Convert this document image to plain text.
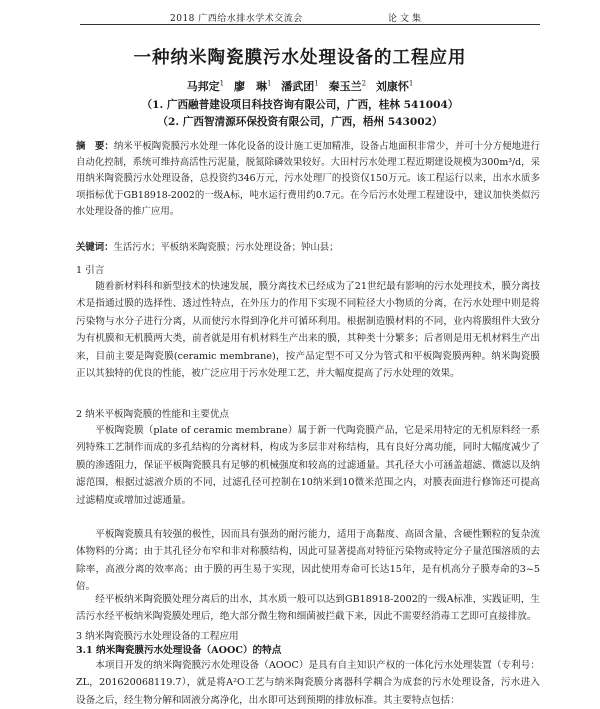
2018 广西给水排水学术交流会	论文集
一种纳米陶瓷膜污水处理设备的工程应用
马邦定$^1$ 廖　琳$^1$ 潘武团$^1$ 秦玉兰$^2$ 刘康怀$^1$
（1. 广西融普建设项目科技咨询有限公司，广西，桂林 541004）
（2. 广西智清源环保投资有限公司，广西，梧州 543002）

摘　要：纳米平板陶瓷膜污水处理一体化设备的设计施工更加精准，设备占地面积非常少，并可十分方便地进行自动化控制，系统可维持高活性污泥量，脱氮除磷效果较好。大田村污水处理工程近期建设规模为300m³/d，采用纳米陶瓷膜污水处理设备，总投资约346万元，污水处理厂的投资仅150万元。该工程运行以来，出水水质多项指标优于GB18918-2002的一级A标，吨水运行费用约0.7元。在今后污水处理工程建设中，建议加快类似污水处理设备的推广应用。

关键词：生活污水；平板纳米陶瓷膜；污水处理设备；钟山县；
1 引言

随着新材料科和新型技术的快速发展，膜分离技术已经成为了21世纪最有影响的污水处理技术，膜分离技术是指通过膜的选择性、透过性特点，在外压力的作用下实现不同粒径大小物质的分离，在污水处理中则是将污染物与水分子进行分离，从而使污水得到净化并可循环利用。根据制造膜材料的不同，业内将膜组件大致分为有机膜和无机膜两大类，前者就是用有机材料生产出来的膜，其种类十分繁多；后者则是用无机材料生产出来，目前主要是陶瓷膜(ceramic membrane)，按产品定型不可又分为管式和平板陶瓷膜两种。纳米陶瓷膜正以其独特的优良的性能，被广泛应用于污水处理工艺，并大幅度提高了污水处理的效果。

2 纳米平板陶瓷膜的性能和主要优点

平板陶瓷膜（plate of ceramic membrane）属于新一代陶瓷膜产品，它是采用特定的无机原料经一系列特殊工艺制作而成的多孔结构的分离材料，构成为多层非对称结构，具有良好分离功能，同时大幅度减少了膜的渗透阻力，保证平板陶瓷膜具有足够的机械强度和较高的过滤通量。其孔径大小可涵盖超滤、微滤以及纳滤范围，根据过滤液介质的不同，过滤孔径可控制在10纳米到10微米范围之内，对膜表面进行修饰还可提高过滤精度或增加过滤通量。

平板陶瓷膜具有较强的极性，因而具有强劲的耐污能力，适用于高黏度、高固含量、含硬性颗粒的复杂流体物料的分离；由于其孔径分布窄和非对称膜结构，因此可显著提高对特征污染物或特定分子量范围溶质的去除率，高液分离的效率高；由于膜的再生易于实现，因此使用寿命可长达15年，是有机高分子膜寿命的3~5倍。

经平板纳米陶瓷膜处理分离后的出水，其水质一般可以达到GB18918-2002的一级A标准，实践证明，生活污水经平板纳米陶瓷膜处理后，绝大部分微生物和细菌被拦截下来，因此不需要经消毒工艺即可直接排放。

3 纳米陶瓷膜污水处理设备的工程应用
3.1 纳米陶瓷膜污水处理设备（AOOC）的特点

本项目开发的纳米陶瓷膜污水处理设备（AOOC）是具有自主知识产权的一体化污水处理装置（专利号：ZL，201620068119.7），就是将A²O工艺与纳米陶瓷膜分离器科学耦合为成套的污水处理设备，污水进入设备之后，经生物分解和固液分离净化，出水即可达到预期的排放标准。其主要特点包括：
